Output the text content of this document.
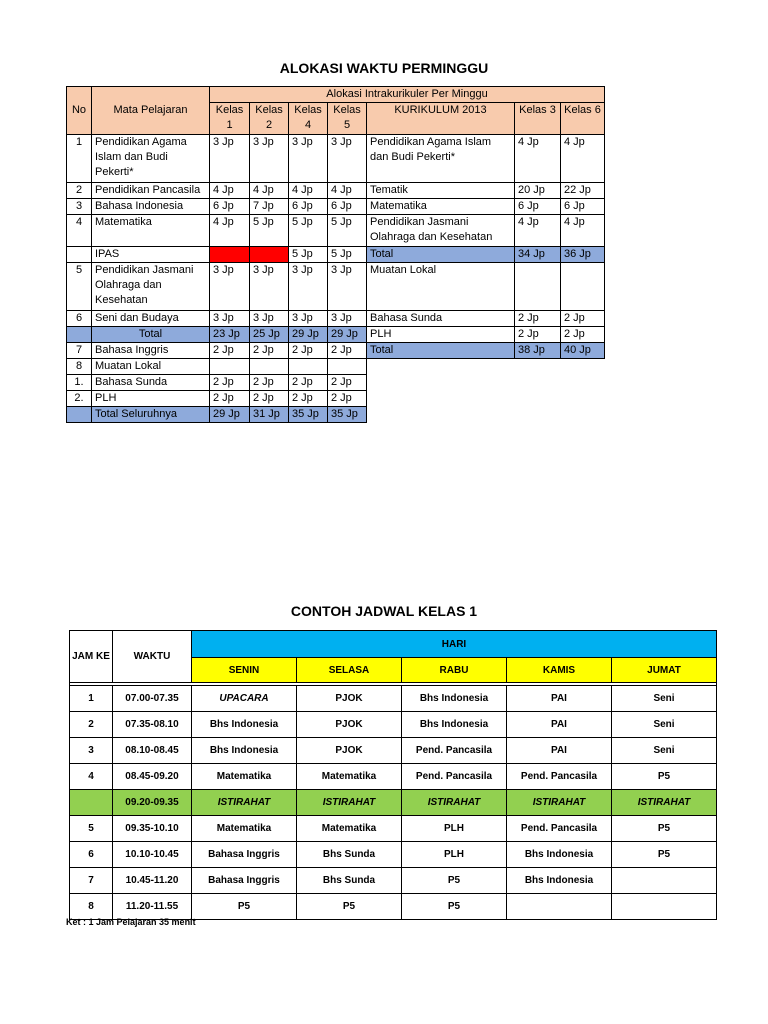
ALOKASI WAKTU PERMINGGU
No	Mata Pelajaran	Alokasi Intrakurikuler Per Minggu						
		Kelas 1	Kelas 2	Kelas 4	Kelas 5	KURIKULUM 2013	Kelas 3	Kelas 6
1	Pendidikan Agama Islam dan Budi Pekerti*	3 Jp	3 Jp	3 Jp	3 Jp	Pendidikan Agama Islam dan Budi Pekerti*	4 Jp	4 Jp
2	Pendidikan Pancasila	4 Jp	4 Jp	4 Jp	4 Jp	Tematik	20 Jp	22 Jp
3	Bahasa Indonesia	6 Jp	7 Jp	6 Jp	6 Jp	Matematika	6 Jp	6 Jp
4	Matematika	4 Jp	5 Jp	5 Jp	5 Jp	Pendidikan Jasmani Olahraga dan Kesehatan	4 Jp	4 Jp
	IPAS			5 Jp	5 Jp	Total	34 Jp	36 Jp
5	Pendidikan Jasmani Olahraga dan Kesehatan	3 Jp	3 Jp	3 Jp	3 Jp	Muatan Lokal		
6	Seni dan Budaya	3 Jp	3 Jp	3 Jp	3 Jp	Bahasa Sunda	2 Jp	2 Jp
	Total	23 Jp	25 Jp	29 Jp	29 Jp	PLH	2 Jp	2 Jp
7	Bahasa Inggris	2 Jp	2 Jp	2 Jp	2 Jp	Total	38 Jp	40 Jp
8	Muatan Lokal							
1.	Bahasa Sunda	2 Jp	2 Jp	2 Jp	2 Jp			
2.	PLH	2 Jp	2 Jp	2 Jp	2 Jp			
	Total Seluruhnya	29 Jp	31 Jp	35 Jp	35 Jp			
CONTOH JADWAL KELAS 1
JAM KE	WAKTU	HARI				
		SENIN	SELASA	RABU	KAMIS	JUMAT

1	07.00-07.35	UPACARA	PJOK	Bhs Indonesia	PAI	Seni
2	07.35-08.10	Bhs Indonesia	PJOK	Bhs Indonesia	PAI	Seni
3	08.10-08.45	Bhs Indonesia	PJOK	Pend. Pancasila	PAI	Seni
4	08.45-09.20	Matematika	Matematika	Pend. Pancasila	Pend. Pancasila	P5
	09.20-09.35	ISTIRAHAT	ISTIRAHAT	ISTIRAHAT	ISTIRAHAT	ISTIRAHAT
5	09.35-10.10	Matematika	Matematika	PLH	Pend. Pancasila	P5
6	10.10-10.45	Bahasa Inggris	Bhs Sunda	PLH	Bhs Indonesia	P5
7	10.45-11.20	Bahasa Inggris	Bhs Sunda	P5	Bhs Indonesia	
8	11.20-11.55	P5	P5	P5		
Ket : 1 Jam Pelajaran 35 menit
